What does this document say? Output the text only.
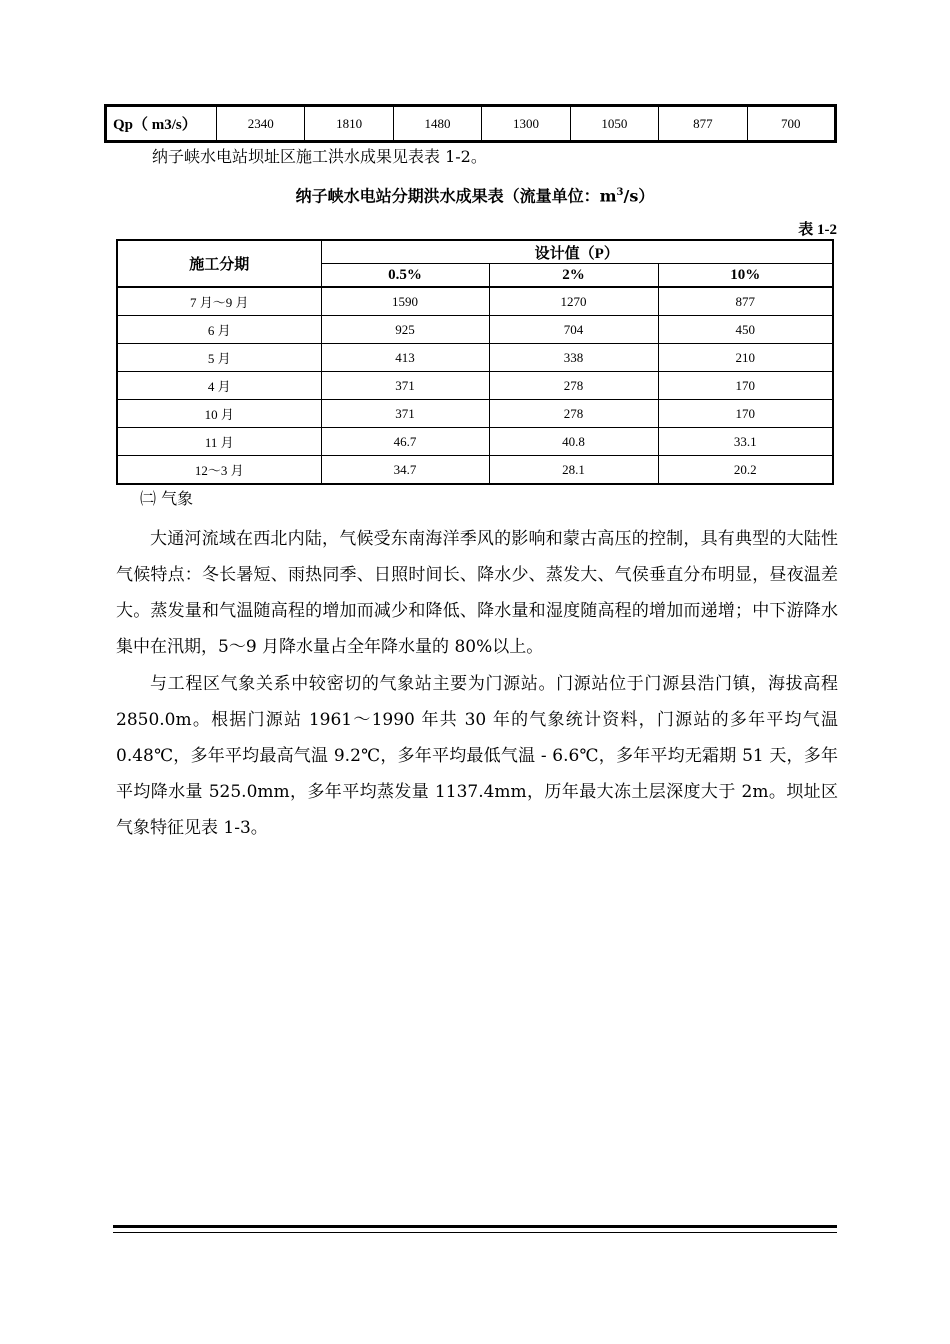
Qp（ m3/s）	2340	1810	1480	1300	1050	877	700
纳子峡水电站坝址区施工洪水成果见表表 1-2。
纳子峡水电站分期洪水成果表（流量单位：$m^3/s$）
表 1-2
施工分期	设计值（P）		
	0.5%	2%	10%
7 月～9 月	1590	1270	877
6 月	925	704	450
5 月	413	338	210
4 月	371	278	170
10 月	371	278	170
11 月	46.7	40.8	33.1
12～3 月	34.7	28.1	20.2
㈡ 气象
大通河流域在西北内陆，气候受东南海洋季风的影响和蒙古高压的控制，具有典型的大陆性气候特点：冬长暑短、雨热同季、日照时间长、降水少、蒸发大、气侯垂直分布明显，昼夜温差大。蒸发量和气温随高程的增加而减少和降低、降水量和湿度随高程的增加而递增；中下游降水集中在汛期，5～9 月降水量占全年降水量的 80%以上。
与工程区气象关系中较密切的气象站主要为门源站。门源站位于门源县浩门镇，海拔高程 2850.0m。根据门源站 1961～1990 年共 30 年的气象统计资料，门源站的多年平均气温 0.48℃，多年平均最高气温 9.2℃，多年平均最低气温 - 6.6℃，多年平均无霜期 51 天，多年平均降水量 525.0mm，多年平均蒸发量 1137.4mm，历年最大冻土层深度大于 2m。坝址区气象特征见表 1-3。
